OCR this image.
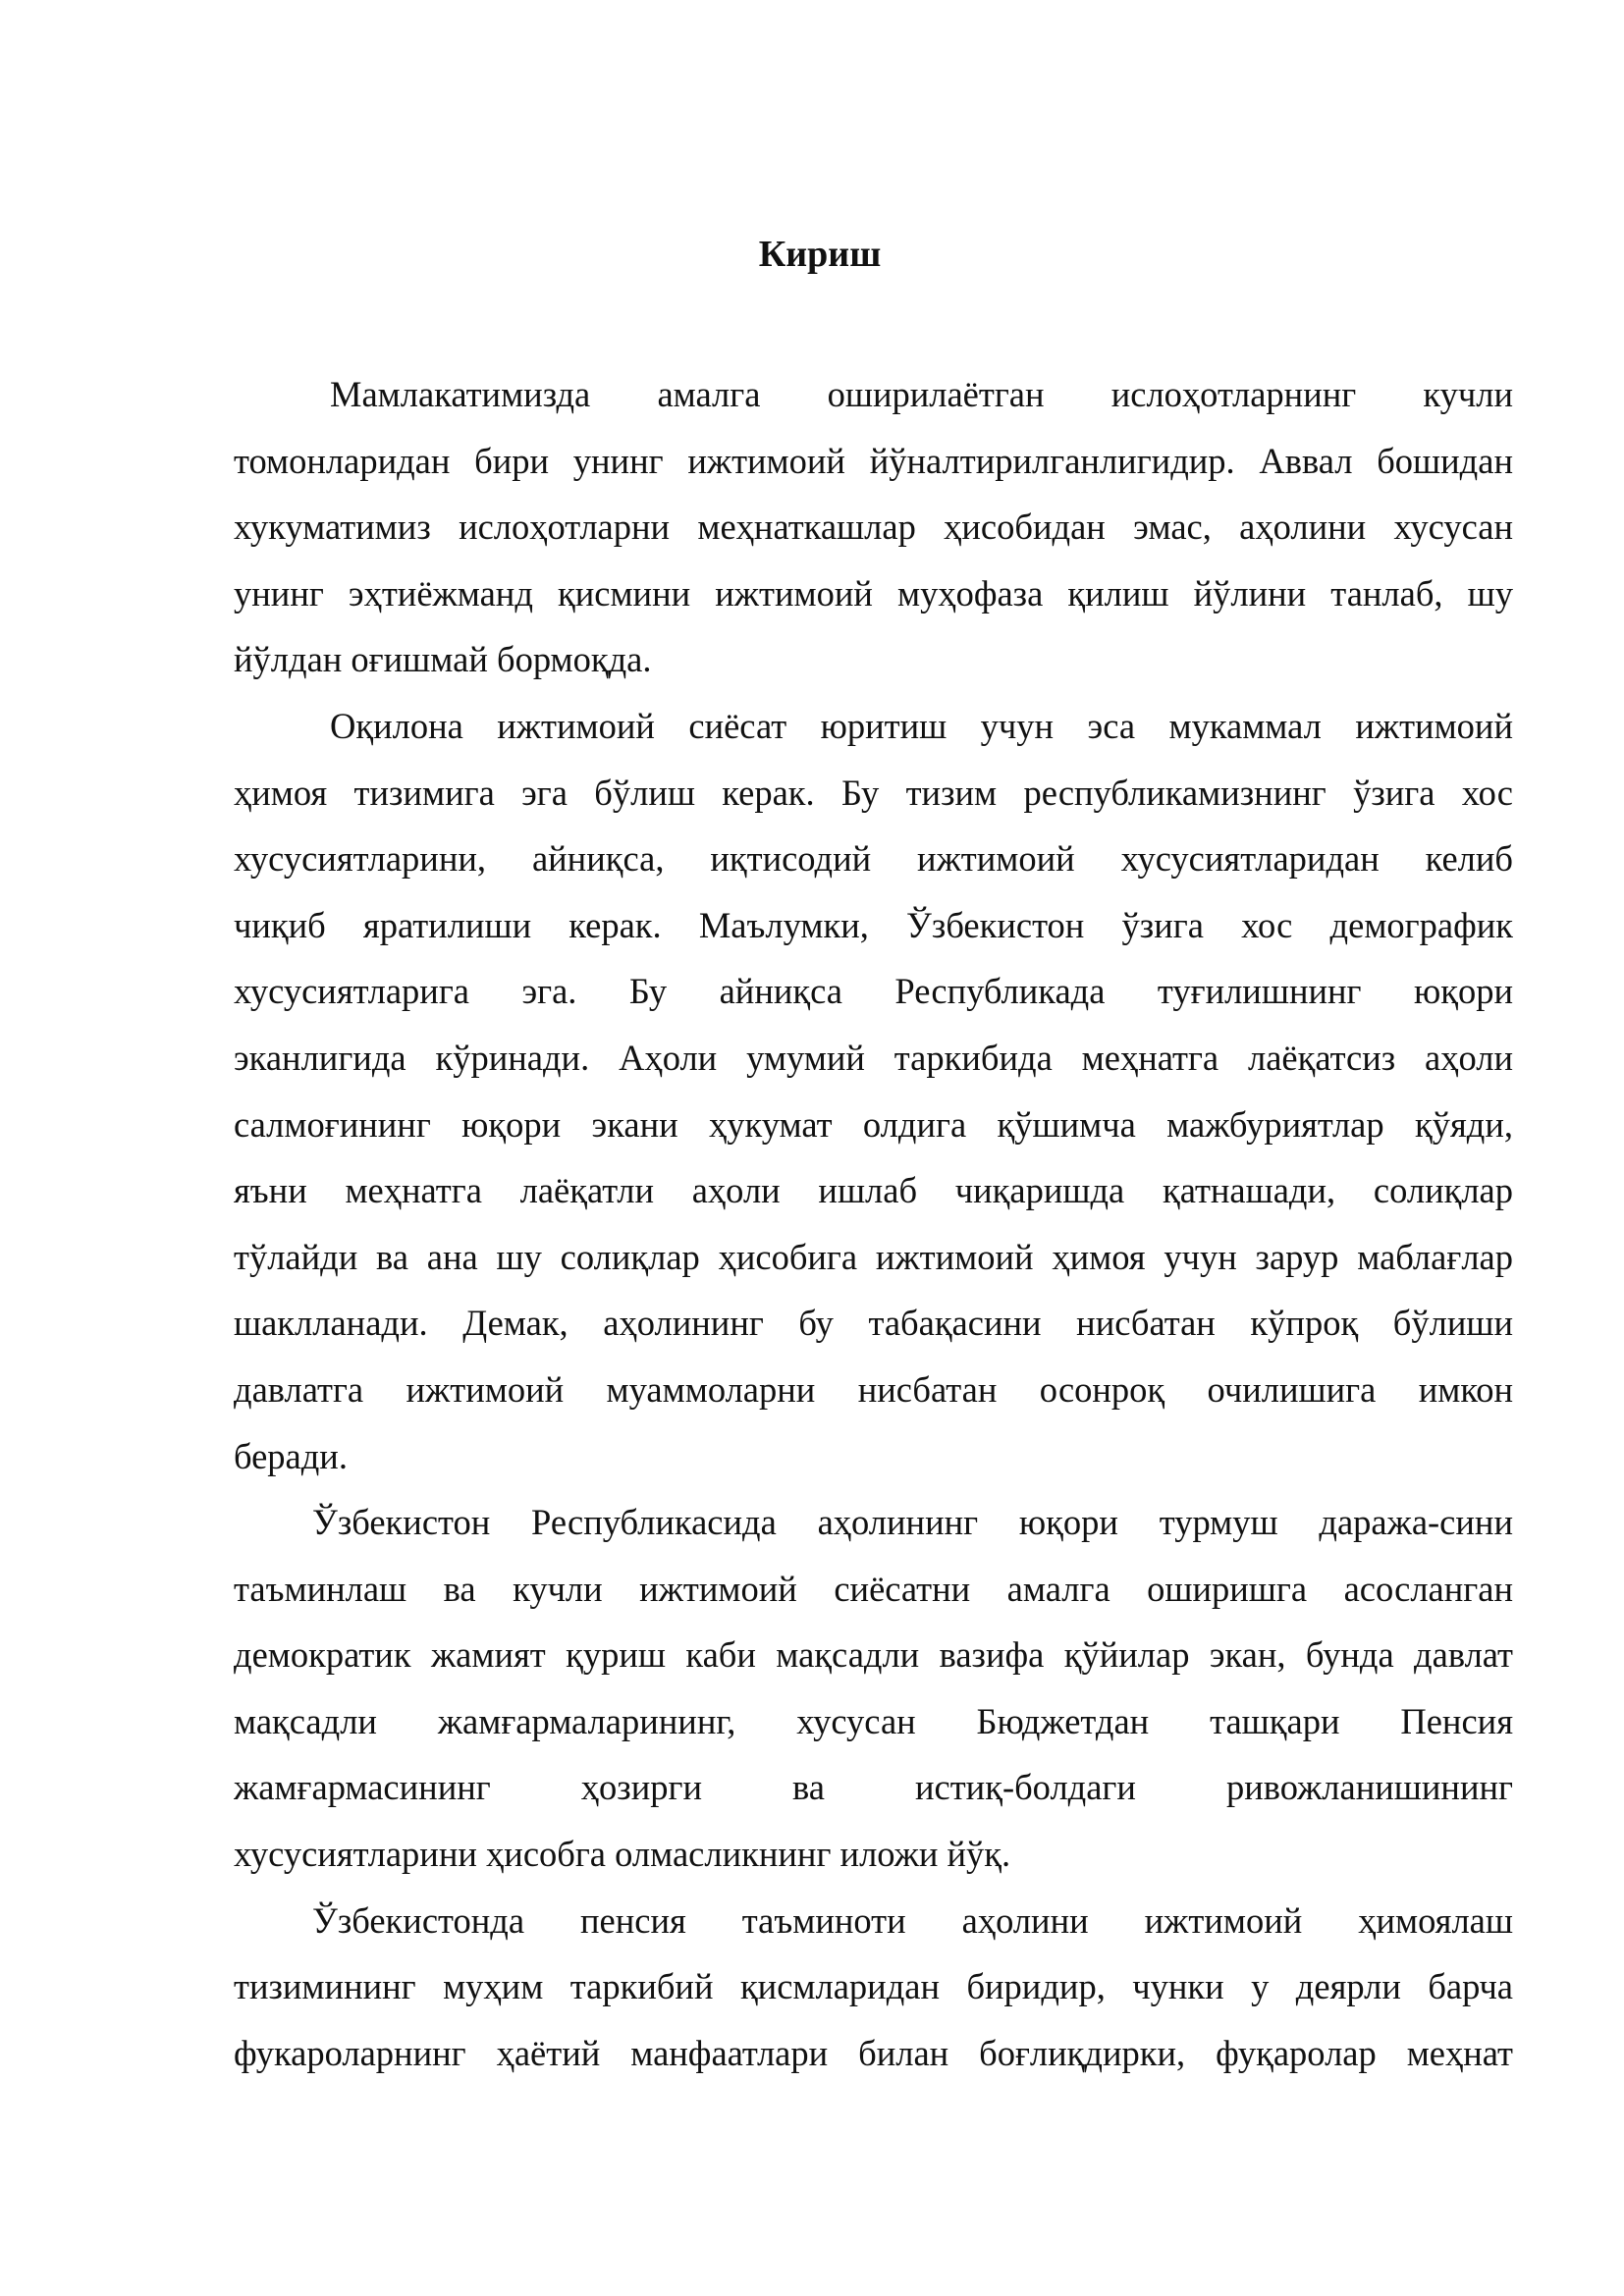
Кириш
Мамлакатимизда амалга оширилаётган ислоҳотларнинг кучли
томонларидан бири унинг ижтимоий йўналтирилганлигидир. Аввал бошидан
хукуматимиз ислоҳотларни меҳнаткашлар ҳисобидан эмас, аҳолини хусусан
унинг эҳтиёжманд қисмини ижтимоий муҳофаза қилиш йўлини танлаб, шу
йўлдан оғишмай бормоқда.
Оқилона ижтимоий сиёсат юритиш учун эса мукаммал ижтимоий
ҳимоя тизимига эга бўлиш керак. Бу тизим республикамизнинг ўзига хос
хусусиятларини, айниқса, иқтисодий ижтимоий хусусиятларидан келиб
чиқиб яратилиши керак. Маълумки, Ўзбекистон ўзига хос демографик
хусусиятларига эга. Бу айниқса Республикада туғилишнинг юқори
эканлигида кўринади. Аҳоли умумий таркибида меҳнатга лаёқатсиз аҳоли
салмоғининг юқори экани ҳукумат олдига қўшимча мажбуриятлар қўяди,
яъни меҳнатга лаёқатли аҳоли ишлаб чиқаришда қатнашади, солиқлар
тўлайди ва ана шу солиқлар ҳисобига ижтимоий ҳимоя учун зарур маблағлар
шаклланади. Демак, аҳолининг бу табақасини нисбатан кўпроқ бўлиши
давлатга ижтимоий муаммоларни нисбатан осонроқ очилишига имкон
беради.
Ўзбекистон Республикасида аҳолининг юқори турмуш даража-сини
таъминлаш ва кучли ижтимоий сиёсатни амалга оширишга асосланган
демократик жамият қуриш каби мақсадли вазифа қўйилар экан, бунда давлат
мақсадли жамғармаларининг, хусусан Бюджетдан ташқари Пенсия
жамғармасининг ҳозирги ва истиқ-болдаги ривожланишининг
хусусиятларини ҳисобга олмасликнинг иложи йўқ.
Ўзбекистонда пенсия таъминоти аҳолини ижтимоий ҳимоялаш
тизимининг муҳим таркибий қисмларидан биридир, чунки у деярли барча
фукароларнинг ҳаётий манфаатлари билан боғлиқдирки, фуқаролар меҳнат
